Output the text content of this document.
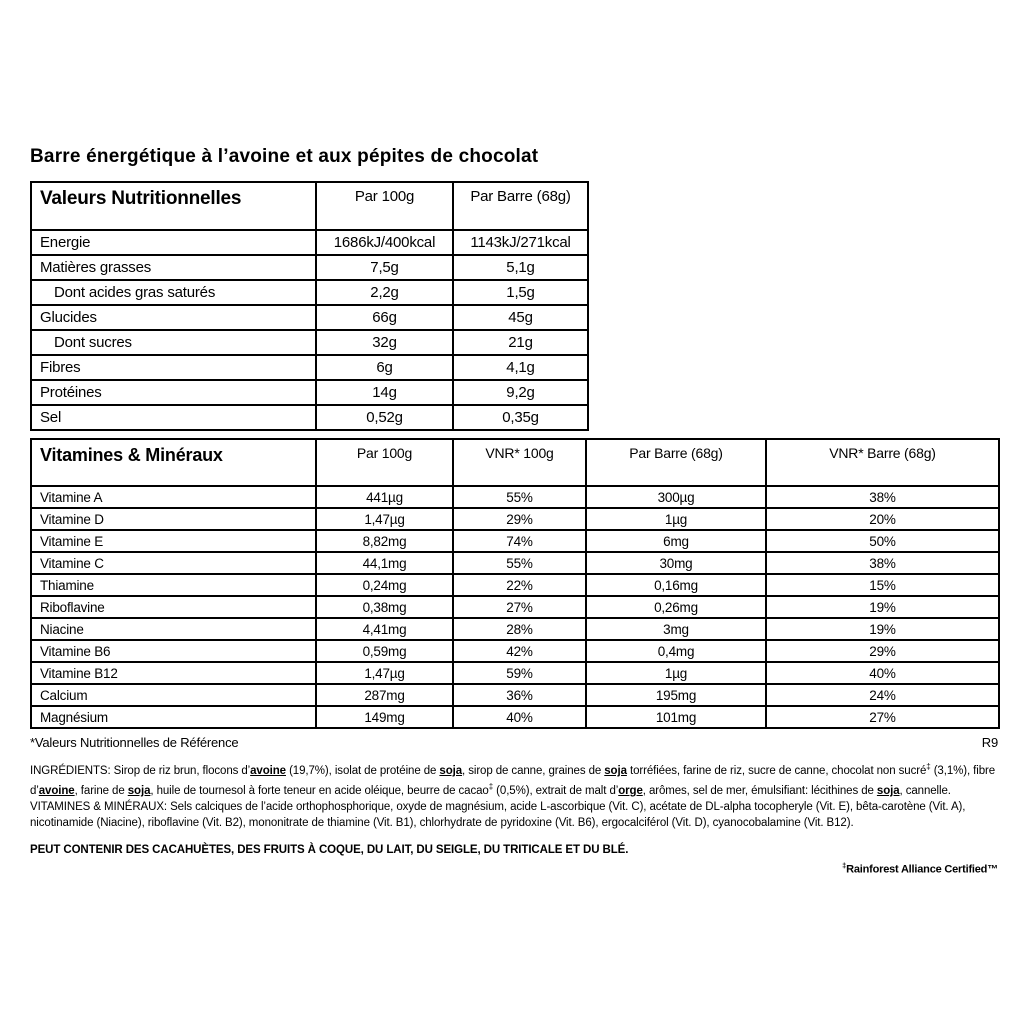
Barre énergétique à l’avoine et aux pépites de chocolat
Valeurs Nutritionnelles	Par 100g	Par Barre (68g)
Energie	1686kJ/400kcal	1143kJ/271kcal
Matières grasses	7,5g	5,1g
Dont acides gras saturés	2,2g	1,5g
Glucides	66g	45g
Dont sucres	32g	21g
Fibres	6g	4,1g
Protéines	14g	9,2g
Sel	0,52g	0,35g
Vitamines & Minéraux	Par 100g	VNR* 100g	Par Barre (68g)	VNR* Barre (68g)
Vitamine A	441µg	55%	300µg	38%
Vitamine D	1,47µg	29%	1µg	20%
Vitamine E	8,82mg	74%	6mg	50%
Vitamine C	44,1mg	55%	30mg	38%
Thiamine	0,24mg	22%	0,16mg	15%
Riboflavine	0,38mg	27%	0,26mg	19%
Niacine	4,41mg	28%	3mg	19%
Vitamine B6	0,59mg	42%	0,4mg	29%
Vitamine B12	1,47µg	59%	1µg	40%
Calcium	287mg	36%	195mg	24%
Magnésium	149mg	40%	101mg	27%
*Valeurs Nutritionnelles de Référence	R9

INGRÉDIENTS: Sirop de riz brun, flocons d’avoine (19,7%), isolat de protéine de soja, sirop de canne, graines de soja torréfiées, farine de riz, sucre de canne, chocolat non sucré‡ (3,1%), fibre d’avoine, farine de soja, huile de tournesol à forte teneur en acide oléique, beurre de cacao‡ (0,5%), extrait de malt d’orge, arômes, sel de mer, émulsifiant: lécithines de soja, cannelle. VITAMINES & MINÉRAUX: Sels calciques de l’acide orthophosphorique, oxyde de magnésium, acide L-ascorbique (Vit. C), acétate de DL-alpha tocopheryle (Vit. E), bêta-carotène (Vit. A), nicotinamide (Niacine), riboflavine (Vit. B2), mononitrate de thiamine (Vit. B1), chlorhydrate de pyridoxine (Vit. B6), ergocalciférol (Vit. D), cyanocobalamine (Vit. B12).

PEUT CONTENIR DES CACAHUÈTES, DES FRUITS À COQUE, DU LAIT, DU SEIGLE, DU TRITICALE ET DU BLÉ.

‡Rainforest Alliance Certified™
